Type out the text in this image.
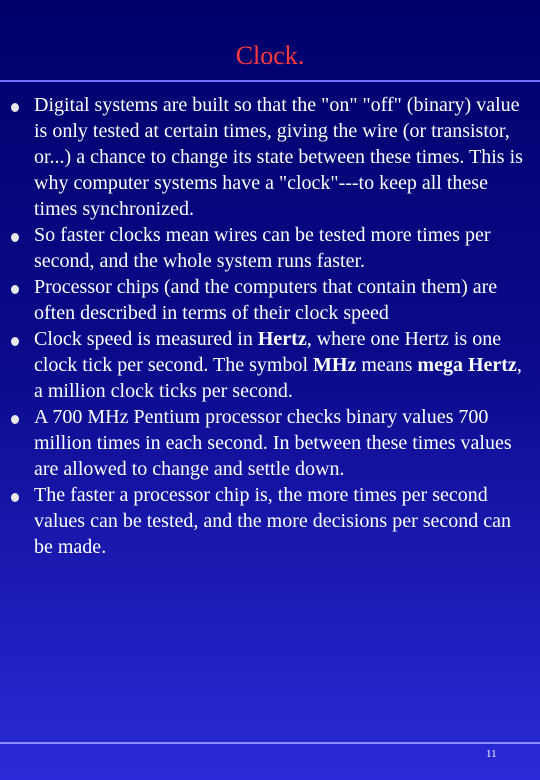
Clock.
Digital systems are built so that the "on" "off" (binary) value is only tested at certain times, giving the wire (or transistor, or...) a chance to change its state between these times. This is why computer systems have a "clock"---to keep all these times synchronized.
So faster clocks mean wires can be tested more times per second, and the whole system runs faster.
Processor chips (and the computers that contain them) are often described in terms of their clock speed
Clock speed is measured in Hertz, where one Hertz is one clock tick per second. The symbol MHz means mega Hertz, a million clock ticks per second.
A 700 MHz Pentium processor checks binary values 700 million times in each second. In between these times values are allowed to change and settle down.
The faster a processor chip is, the more times per second values can be tested, and the more decisions per second can be made.
11
